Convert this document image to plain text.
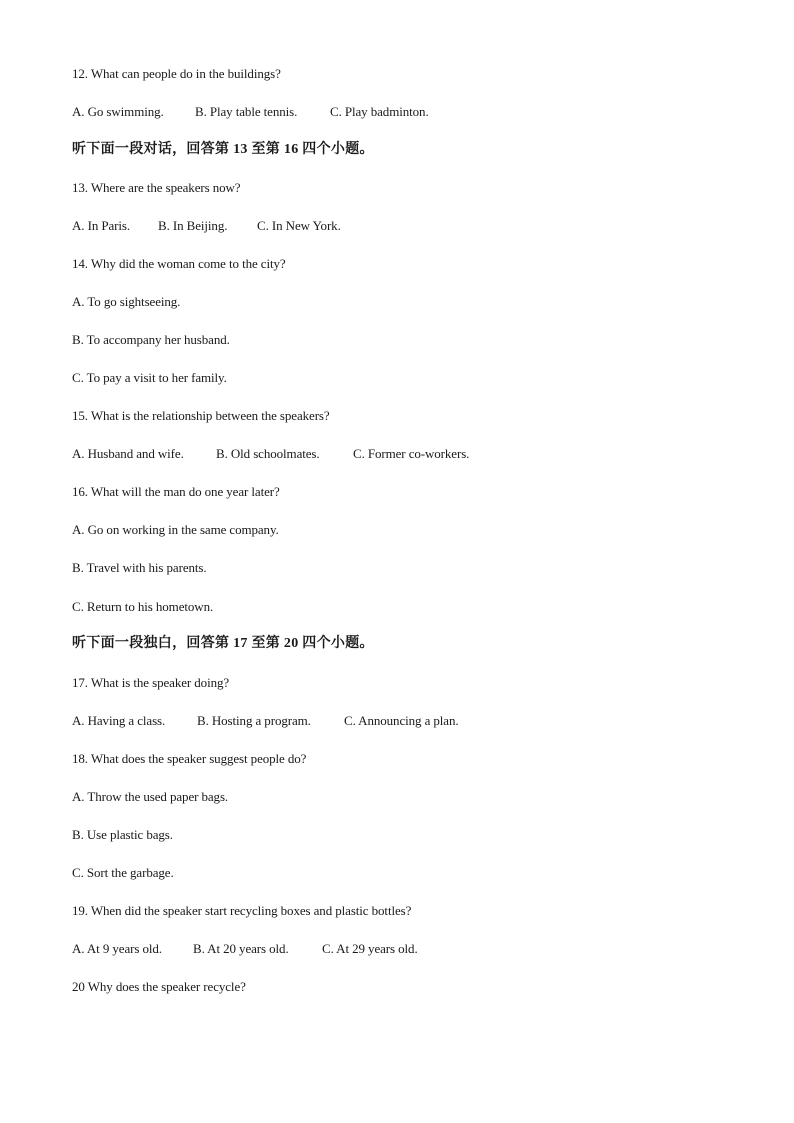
12. What can people do in the buildings?
A. Go swimming. B. Play table tennis.	C. Play badminton.
听下面一段对话，回答第 13 至第 16 四个小题。
13. Where are the speakers now?
A. In Paris. B. In Beijing. C. In New York.
14. Why did the woman come to the city?
A. To go sightseeing.
B. To accompany her husband.
C. To pay a visit to her family.
15. What is the relationship between the speakers?
A. Husband and wife. B. Old schoolmates.	C. Former co-workers.
16. What will the man do one year later?
A. Go on working in the same company.
B. Travel with his parents.
C. Return to his hometown.
听下面一段独白，回答第 17 至第 20 四个小题。
17. What is the speaker doing?
A. Having a class. B. Hosting a program.	C. Announcing a plan.
18. What does the speaker suggest people do?
A. Throw the used paper bags.
B. Use plastic bags.
C. Sort the garbage.
19. When did the speaker start recycling boxes and plastic bottles?
A. At 9 years old. B. At 20 years old.	C. At 29 years old.
20 Why does the speaker recycle?
